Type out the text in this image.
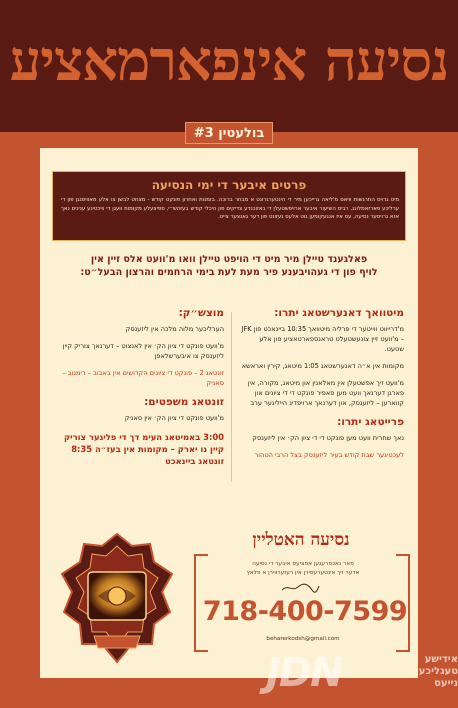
נסיעה אינפארמאציע
בולעטין #3
פרטים איבער די ימי הנסיעה
מיט גרויס התרגשות וויאס מ'ליאה גרייכען מיר די הינטערגרונט א מבחר ברוכה. בזמנות ואחרון פונקט קודש - מצחט לבשן צו אלע מאוויסנגן פון די ערליכע פארזאמלונג, רביס השיעור איבער ארויפשטעלן די באזוכנדע צדיקים פון היכלי קודש בעזהש״י, ספיצעלע מקומות וועגן די וויכטיגע ענינים נאך אזא גרויסער נסיעה, עס איז אנגעקומען גוט אלעס געזונט פון דער גאנצער צייט.
פאלגענד טיילן מיר מיט די הויפט טיילן וואו מ'וועט אלס זיין אין
לויף פון די געהויבענע פיר מעת לעת בימי הרחמים והרצון הבעל״ט:
מיטוואך דאנערשטאג יתרו:
מ'דרייווט ווייטער די פרליה מיטוואך 10:35 ביינאכט פון JFK – מ'וועט זיין צוגעשטעלט טראנספארטאציע פון אלע שטעט.
מקומות אין א״ה דאנערשטאג 1:05 מיטאג, קירין ואראשא
מ'וועט זיך אפשטעלן אין מאלאנין און מיטאג, מקורה, אין פארגן דערנאך וועט מען פאפיר פונקט די די ציונים און קווארען – ליזענסק, און דערנאך ארויפדיג הייליגער ערב
פרייטאג יתרו:
נאך שחרית וועט מען פונקט די די ציון הק׳ אין ליזענסק
לעכטיגער שבת קודש בעיר ליזענסק בצל הרבי הטהור
מוצש״ק:
הערליכער מלוה מלכה אין ליזענסק
מ'וועט פונקט די ציון הק׳ אין לאנצוט – דערנאך צוריק קיין ליזענסק צו איבערשלאפן
זונטאג 2 – פונקט די ציונים הקדושים אין באבוב – רימנוב – סאניק
זונטאג משפטים:
מ'וועט פונקט די ציון הק׳ אין סאניק
3:00 באמיטאג העימ דך די פליגער צוריק קיין נו יארק – מקומות אין בעז״ה 8:35 זונטאג ביינאכט
נסיעה האטליין
פאר נאכפרעגען אפציעס איבער די נסיעה
אדער זיך אינטערעסירן אין רעזערווירן א פלאץ
718-400-7599
beharerkodsh@gmail.com
JDN	אידישע
טעגליכע
נייעס
